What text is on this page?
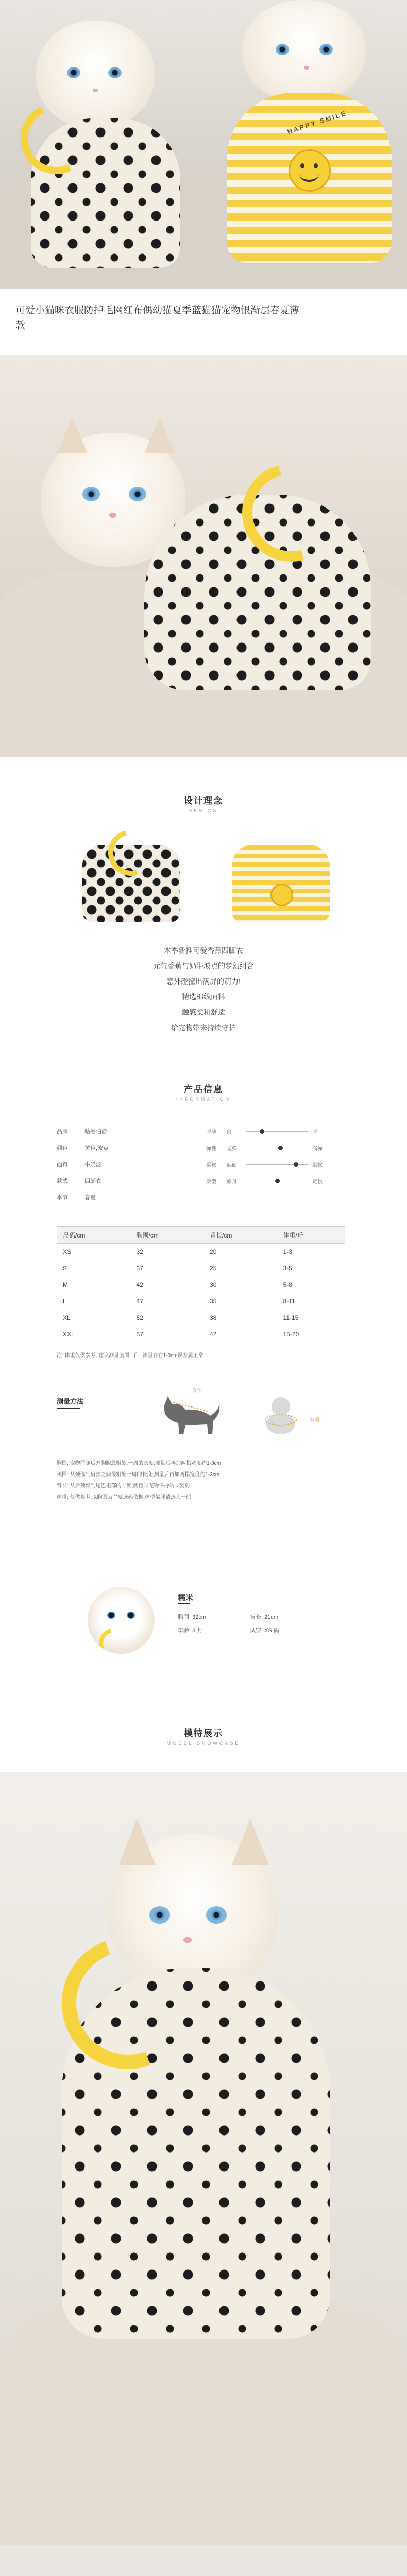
HAPPY SMILE
可爱小猫咪衣服防掉毛网红布偶幼猫夏季蓝猫猫宠物银渐层春夏薄款
设计理念
DESIGN
本季新推可爱香蕉四脚衣
元气香蕉与奶牛波点的梦幻组合
意外碰撞出满屏的萌力!
精选棉线面料
触感柔和舒适
给宠物带来持续守护
产品信息
INFORMATION
品牌:	咕噜伯爵
颜色:	黄色,波点
面料:	牛奶丝
款式:	四脚衣
季节:	春夏
厚薄:	薄	厚
弹性:	无弹	高弹
柔软:	偏硬	柔软
版型:	修身	宽松
尺码/cm	胸围/cm	背长/cm	体重/斤
XS	32	20	1-3
S	37	25	3-5
M	42	30	5-8
L	47	35	8-11
XL	52	38	11-15
XXL	57	42	15-20
注: 体重仅供参考, 建议测量胸围, 手工测量存在1-3cm误差属正常
测量方法
背长
胸围
胸围: 宠物前腿后方胸腔最粗处,一周的长度;测量后再加两指宽度约1-3cm
颈围: 从颈部到肩部之间最粗处一周的长度;测量后再加两指宽度约1-3cm
背长: 从后颈部到尾巴根部的长度,测量时宠物保持站立姿势
体重: 仅供参考,以胸围为主要选码依据,体型偏胖请选大一码
糯米
胸围: 32cm	背长: 21cm
年龄: 3 月	试穿: XS 码
模特展示
MODEL SHOWCASE
